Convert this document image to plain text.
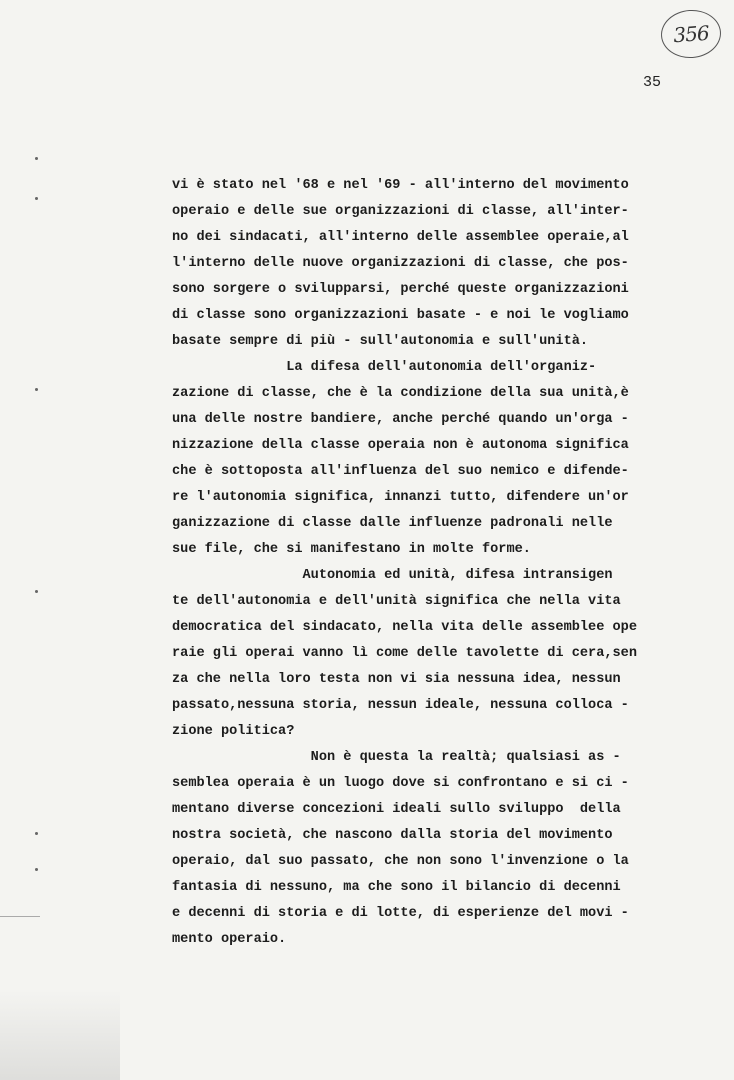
356
35
vi è stato nel '68 e nel '69 - all'interno del movimento
operaio e delle sue organizzazioni di classe, all'inter-
no dei sindacati, all'interno delle assemblee operaie,al
l'interno delle nuove organizzazioni di classe, che pos-
sono sorgere o svilupparsi, perché queste organizzazioni
di classe sono organizzazioni basate - e noi le vogliamo
basate sempre di più - sull'autonomia e sull'unità.
La difesa dell'autonomia dell'organiz-
zazione di classe, che è la condizione della sua unità,è
una delle nostre bandiere, anche perché quando un'orga -
nizzazione della classe operaia non è autonoma significa
che è sottoposta all'influenza del suo nemico e difende-
re l'autonomia significa, innanzi tutto, difendere un'or
ganizzazione di classe dalle influenze padronali nelle
sue file, che si manifestano in molte forme.
Autonomia ed unità, difesa intransigen
te dell'autonomia e dell'unità significa che nella vita
democratica del sindacato, nella vita delle assemblee ope
raie gli operai vanno lì come delle tavolette di cera,sen
za che nella loro testa non vi sia nessuna idea, nessun
passato,nessuna storia, nessun ideale, nessuna colloca -
zione politica?
Non è questa la realtà; qualsiasi as -
semblea operaia è un luogo dove si confrontano e si ci -
mentano diverse concezioni ideali sullo sviluppo  della
nostra società, che nascono dalla storia del movimento
operaio, dal suo passato, che non sono l'invenzione o la
fantasia di nessuno, ma che sono il bilancio di decenni
e decenni di storia e di lotte, di esperienze del movi -
mento operaio.
